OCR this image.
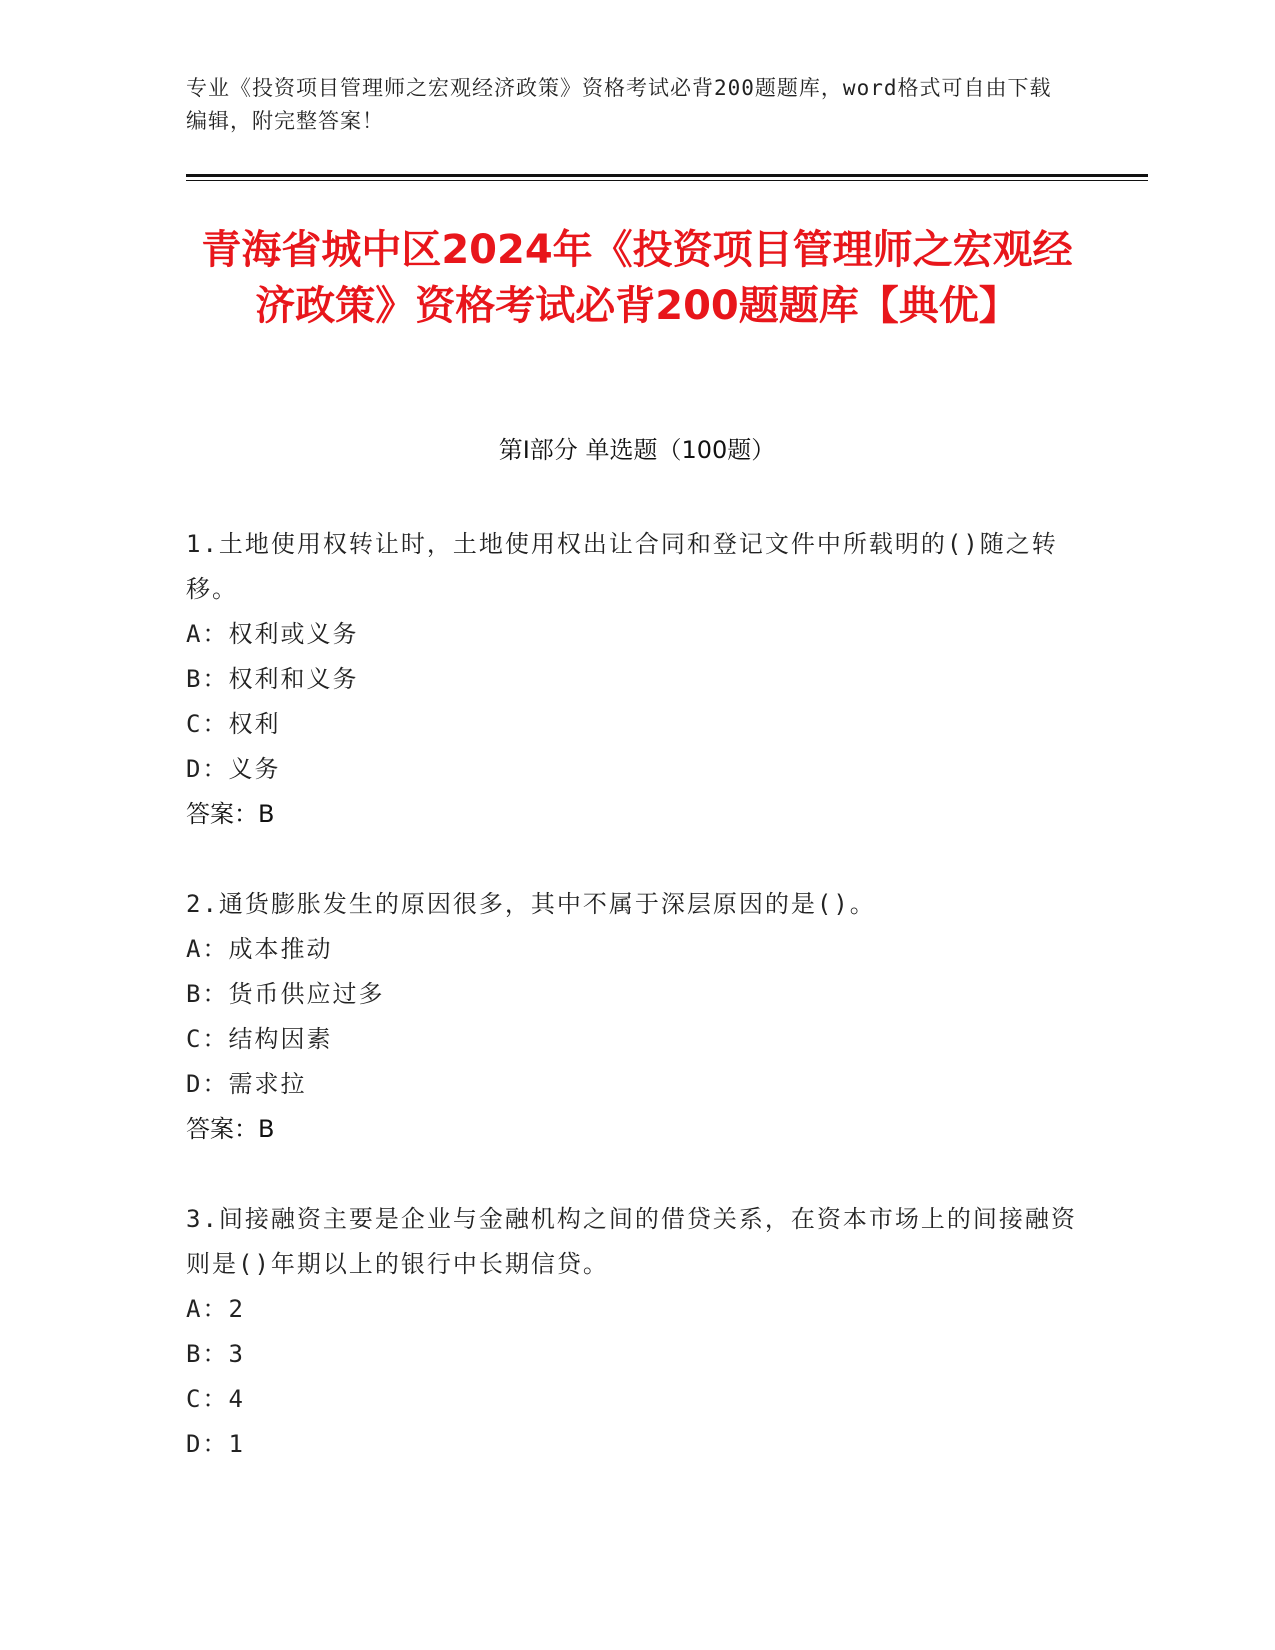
专业《投资项目管理师之宏观经济政策》资格考试必背200题题库，word格式可自由下载编辑，附完整答案！
青海省城中区2024年《投资项目管理师之宏观经济政策》资格考试必背200题题库【典优】
第Ⅰ部分 单选题（100题）
1.土地使用权转让时，土地使用权出让合同和登记文件中所载明的()随之转移。
A：权利或义务
B：权利和义务
C：权利
D：义务
答案：B
2.通货膨胀发生的原因很多，其中不属于深层原因的是()。
A：成本推动
B：货币供应过多
C：结构因素
D：需求拉
答案：B
3.间接融资主要是企业与金融机构之间的借贷关系，在资本市场上的间接融资则是()年期以上的银行中长期信贷。
A：2
B：3
C：4
D：1
